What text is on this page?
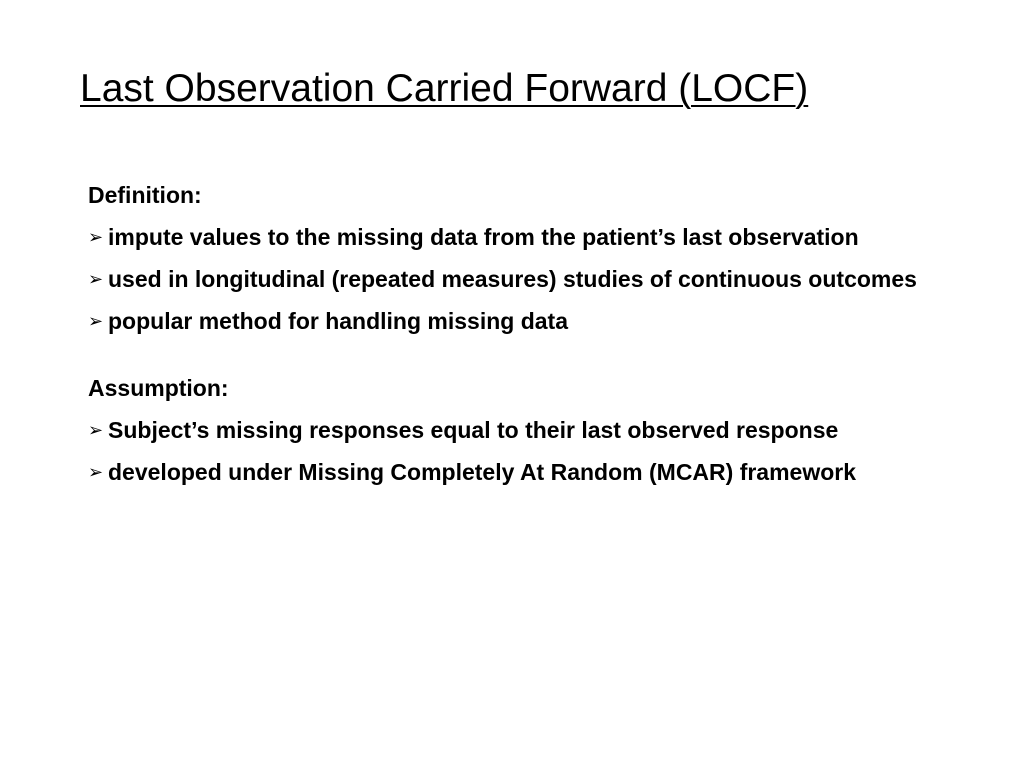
Last Observation Carried Forward (LOCF)

Definition:

➢ impute values to the missing data from the patient’s last observation
➢ used in longitudinal (repeated measures) studies of continuous outcomes
➢ popular method for handling missing data

Assumption:

➢ Subject’s missing responses equal to their last observed response
➢ developed under Missing Completely At Random (MCAR) framework
